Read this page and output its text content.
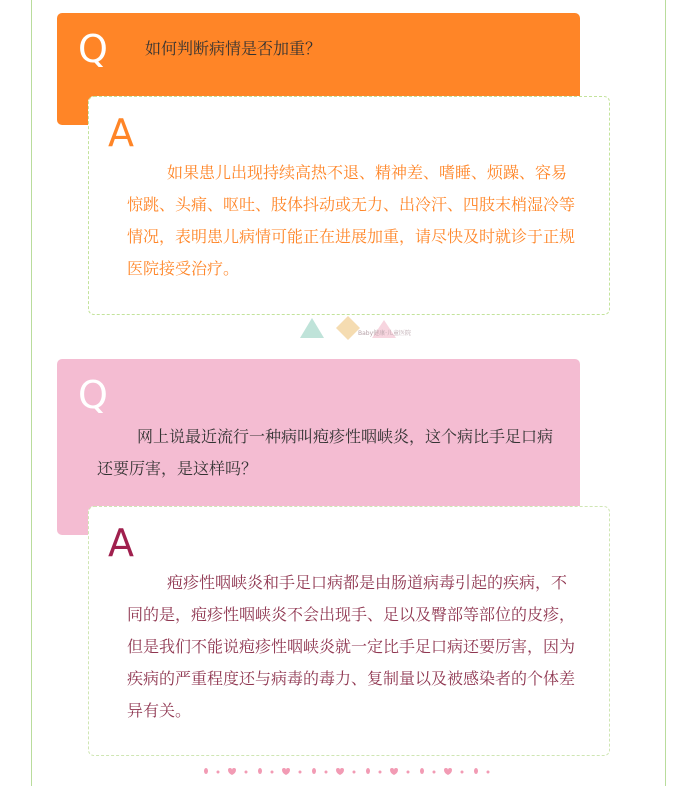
Q 如何判断病情是否加重？
A

如果患儿出现持续高热不退、精神差、嗜睡、烦躁、容易惊跳、头痛、呕吐、肢体抖动或无力、出冷汗、四肢末梢湿冷等情况，表明患儿病情可能正在进展加重，请尽快及时就诊于正规医院接受治疗。

Baby健康·儿童医院
Q
网上说最近流行一种病叫疱疹性咽峡炎，这个病比手足口病还要厉害，是这样吗？
A

疱疹性咽峡炎和手足口病都是由肠道病毒引起的疾病，不同的是，疱疹性咽峡炎不会出现手、足以及臀部等部位的皮疹，但是我们不能说疱疹性咽峡炎就一定比手足口病还要厉害，因为疾病的严重程度还与病毒的毒力、复制量以及被感染者的个体差异有关。
